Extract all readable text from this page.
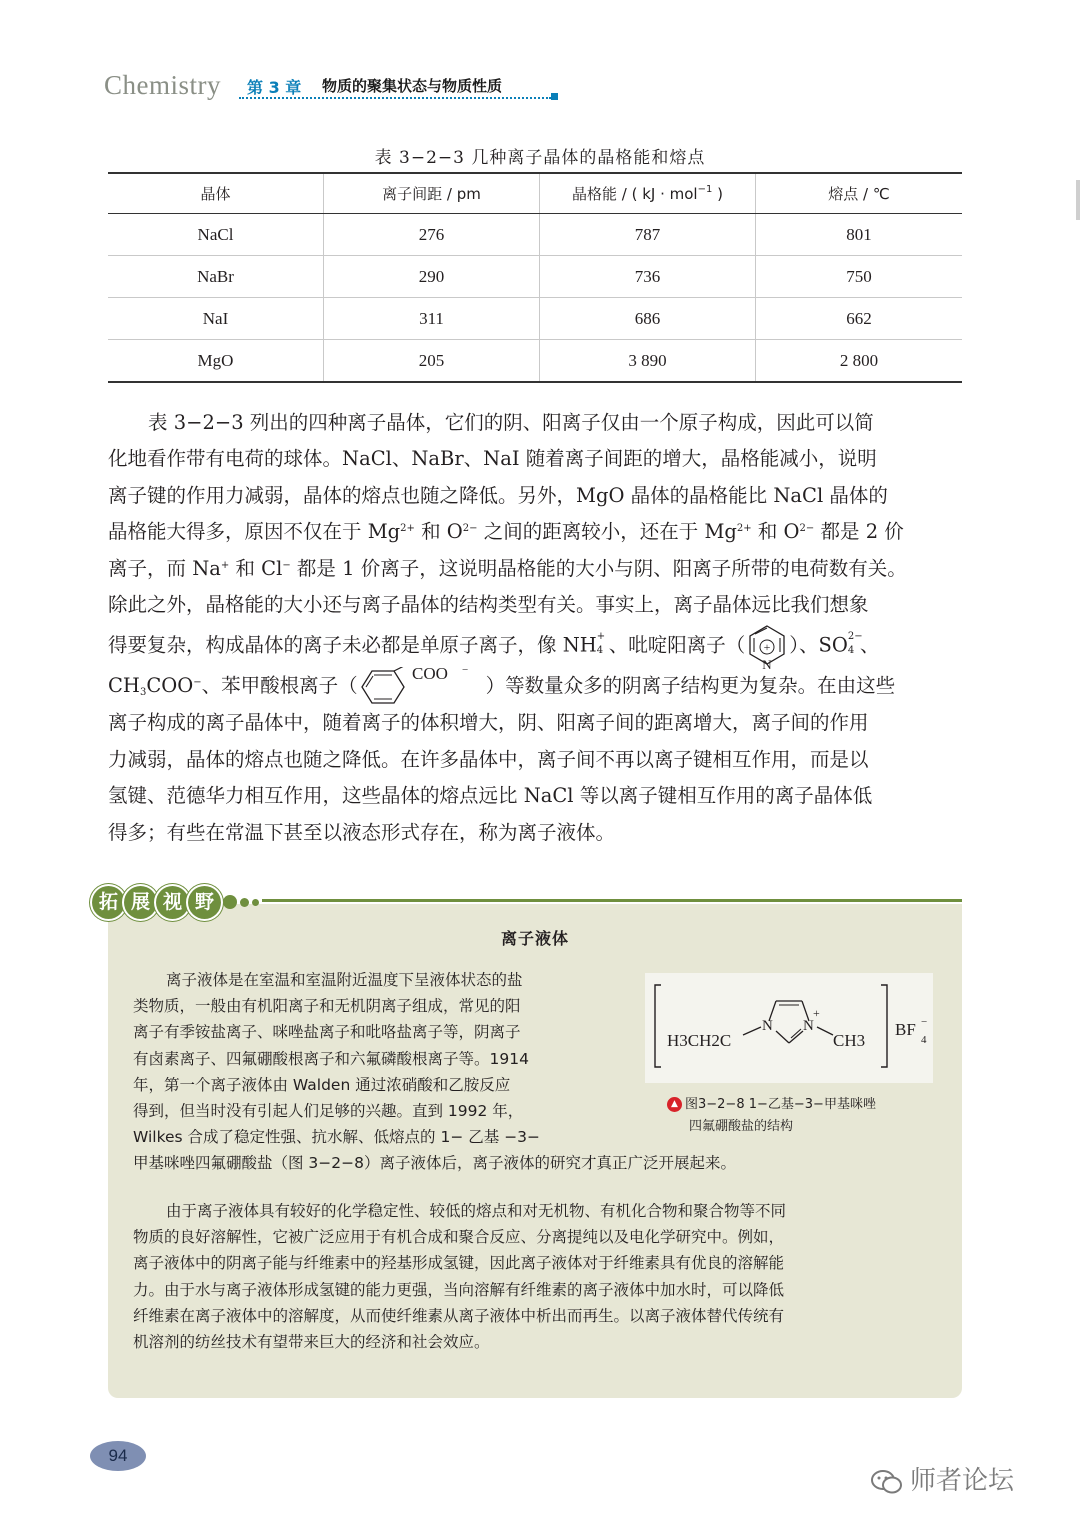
Chemistry 第 3 章 物质的聚集状态与物质性质
表 3−2−3 几种离子晶体的晶格能和熔点
晶体	离子间距 / pm	晶格能 / ( kJ · mol$^{-1}$ )	熔点 / ℃
NaCl	276	787	801
NaBr	290	736	750
NaI	311	686	662
MgO	205	3 890	2 800
表 3−2−3 列出的四种离子晶体，它们的阴、阳离子仅由一个原子构成，因此可以简
化地看作带有电荷的球体。NaCl、NaBr、NaI 随着离子间距的增大，晶格能减小，说明
离子键的作用力减弱，晶体的熔点也随之降低。另外，MgO 晶体的晶格能比 NaCl 晶体的
晶格能大得多，原因不仅在于 $Mg^{2+}$ 和 $O^{2-}$ 之间的距离较小，还在于 $Mg^{2+}$ 和 $O^{2-}$ 都是 2 价
离子，而 Na+ 和 Cl− 都是 1 价离子，这说明晶格能的大小与阴、阳离子所带的电荷数有关。
除此之外，晶格能的大小还与离子晶体的结构类型有关。事实上，离子晶体远比我们想象
得要复杂，构成晶体的离子未必都是单原子离子，像 NH +
4 、吡啶阳离子（ +
N
）、SO 2−
4 、
$CH_3COO^-$、苯甲酸根离子（
COO −
）等数量众多的阴离子结构更为复杂。在由这些
离子构成的离子晶体中，随着离子的体积增大，阴、阳离子间的距离增大，离子间的作用
力减弱，晶体的熔点也随之降低。在许多晶体中，离子间不再以离子键相互作用，而是以
氢键、范德华力相互作用，这些晶体的熔点远比 NaCl 等以离子键相互作用的离子晶体低
得多；有些在常温下甚至以液态形式存在，称为离子液体。
拓 展 视 野
离子液体
离子液体是在室温和室温附近温度下呈液体状态的盐
类物质，一般由有机阳离子和无机阴离子组成，常见的阳
离子有季铵盐离子、咪唑盐离子和吡咯盐离子等，阴离子
有卤素离子、四氟硼酸根离子和六氟磷酸根离子等。1914
年，第一个离子液体由 Walden 通过浓硝酸和乙胺反应
得到，但当时没有引起人们足够的兴趣。直到 1992 年，
Wilkes 合成了稳定性强、抗水解、低熔点的 1− 乙基 −3−
甲基咪唑四氟硼酸盐（图 3−2−8）离子液体后，离子液体的研究才真正广泛开展起来。
由于离子液体具有较好的化学稳定性、较低的熔点和对无机物、有机化合物和聚合物等不同
物质的良好溶解性，它被广泛应用于有机合成和聚合反应、分离提纯以及电化学研究中。例如，
离子液体中的阴离子能与纤维素中的羟基形成氢键，因此离子液体对于纤维素具有优良的溶解能
力。由于水与离子液体形成氢键的能力更强，当向溶解有纤维素的离子液体中加水时，可以降低
纤维素在离子液体中的溶解度，从而使纤维素从离子液体中析出而再生。以离子液体替代传统有
机溶剂的纺丝技术有望带来巨大的经济和社会效应。
H3CH2C
N N
+
CH3
BF
4
−
▲ 图3−2−8 1−乙基−3−甲基咪唑
四氟硼酸盐的结构
94
师者论坛
